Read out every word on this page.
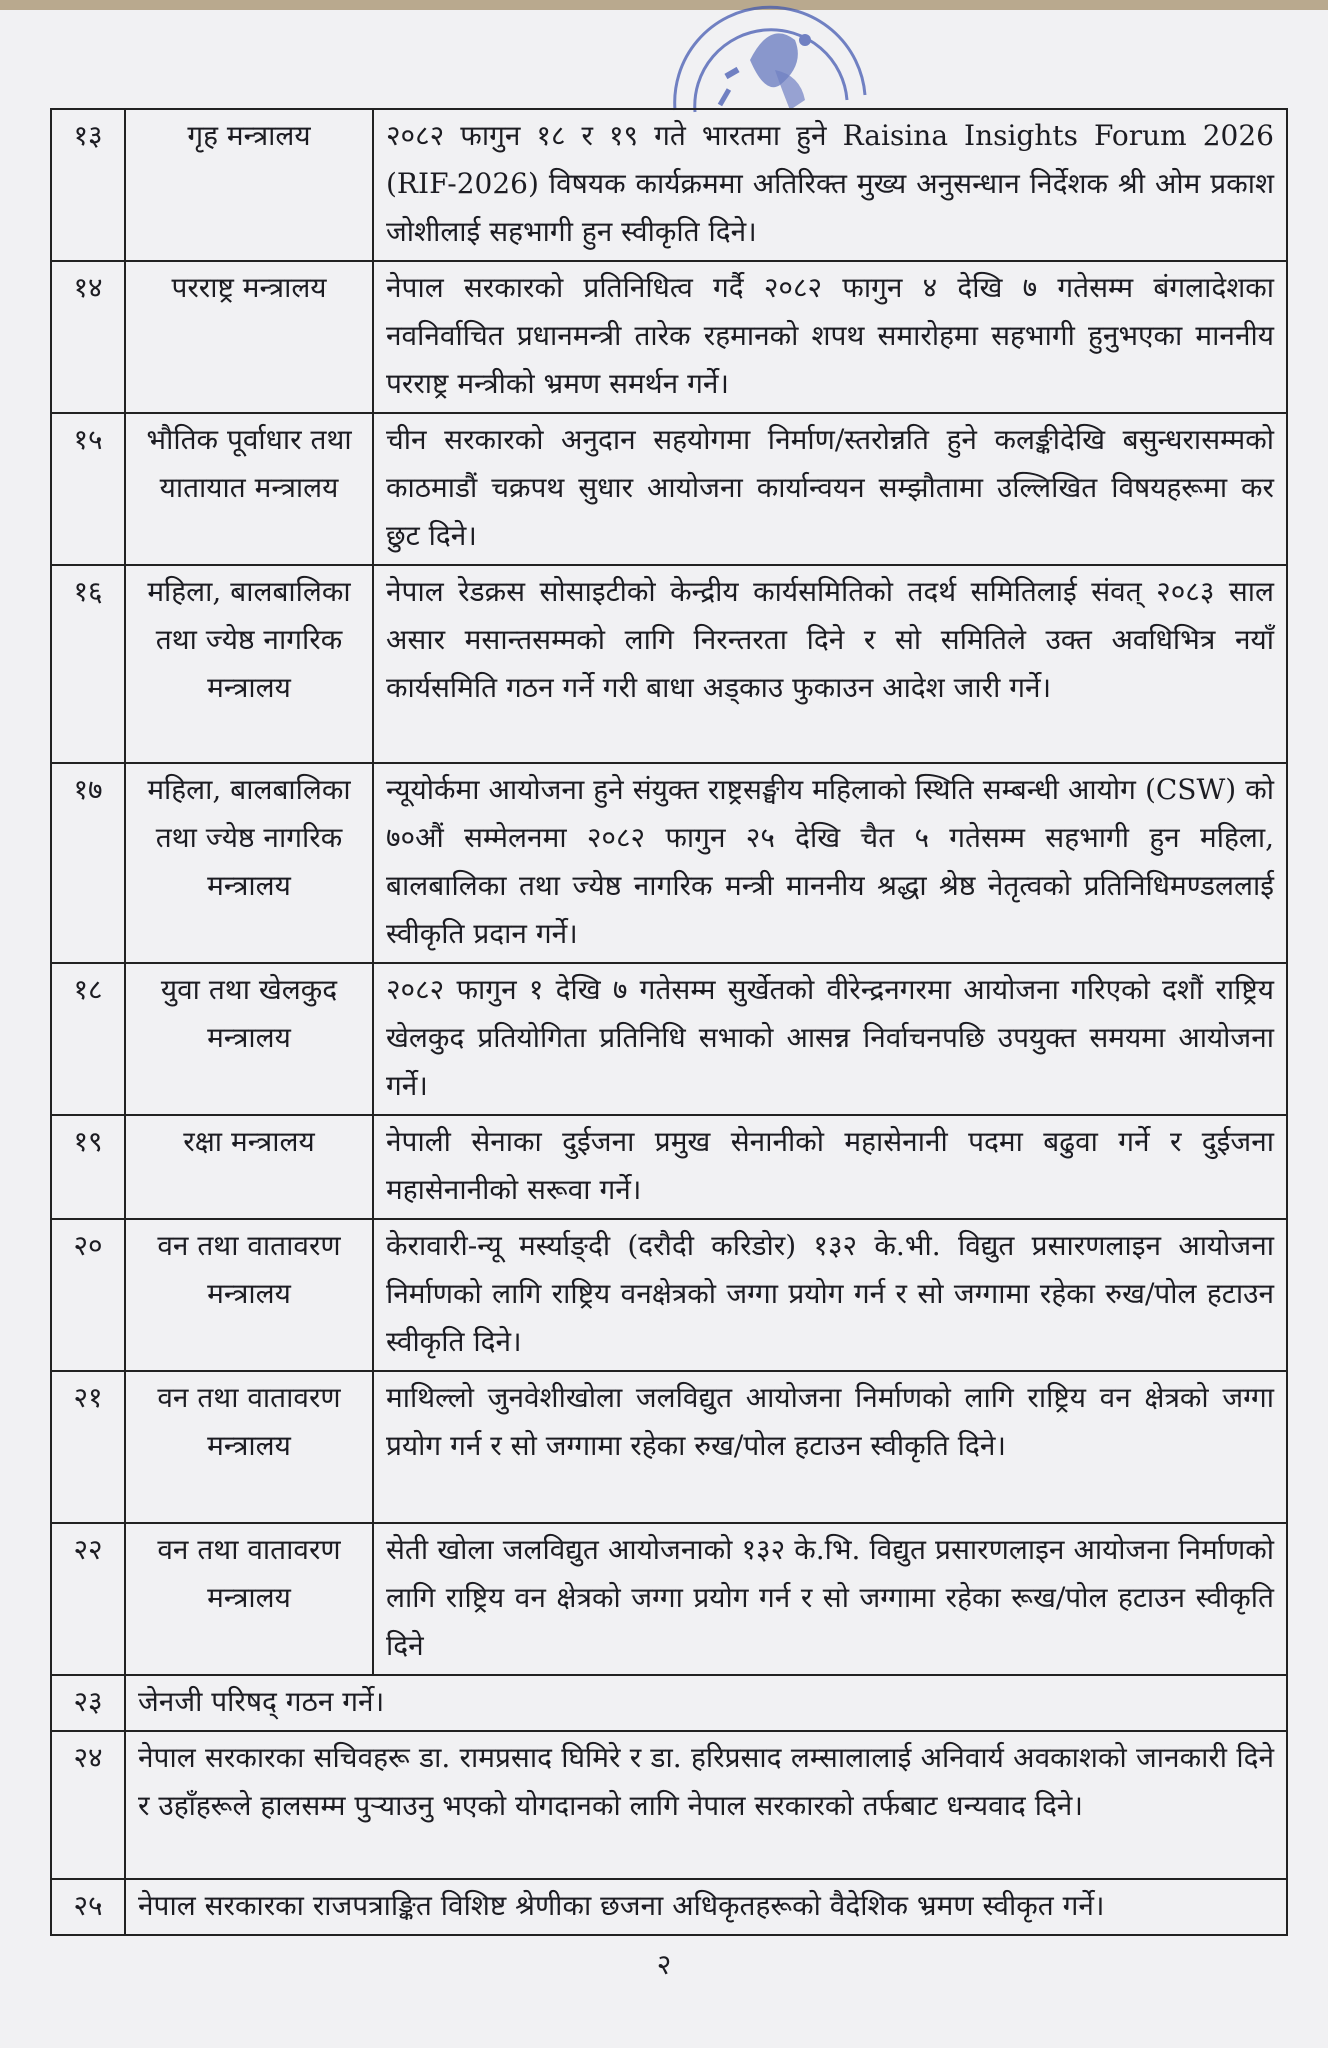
१३	गृह मन्त्रालय	२०८२ फागुन १८ र १९ गते भारतमा हुने Raisina Insights Forum 2026 (RIF-2026) विषयक कार्यक्रममा अतिरिक्त मुख्य अनुसन्धान निर्देशक श्री ओम प्रकाश जोशीलाई सहभागी हुन स्वीकृति दिने।
१४	परराष्ट्र मन्त्रालय	नेपाल सरकारको प्रतिनिधित्व गर्दै २०८२ फागुन ४ देखि ७ गतेसम्म बंगलादेशका नवनिर्वाचित प्रधानमन्त्री तारेक रहमानको शपथ समारोहमा सहभागी हुनुभएका माननीय परराष्ट्र मन्त्रीको भ्रमण समर्थन गर्ने।
१५	भौतिक पूर्वाधार तथा यातायात मन्त्रालय	चीन सरकारको अनुदान सहयोगमा निर्माण/स्तरोन्नति हुने कलङ्कीदेखि बसुन्धरासम्मको काठमाडौं चक्रपथ सुधार आयोजना कार्यान्वयन सम्झौतामा उल्लिखित विषयहरूमा कर छुट दिने।
१६	महिला, बालबालिका तथा ज्येष्ठ नागरिक मन्त्रालय	नेपाल रेडक्रस सोसाइटीको केन्द्रीय कार्यसमितिको तदर्थ समितिलाई संवत् २०८३ साल असार मसान्तसम्मको लागि निरन्तरता दिने र सो समितिले उक्त अवधिभित्र नयाँ कार्यसमिति गठन गर्ने गरी बाधा अड्काउ फुकाउन आदेश जारी गर्ने।
१७	महिला, बालबालिका तथा ज्येष्ठ नागरिक मन्त्रालय	न्यूयोर्कमा आयोजना हुने संयुक्त राष्ट्रसङ्घीय महिलाको स्थिति सम्बन्धी आयोग (CSW) को ७०औं सम्मेलनमा २०८२ फागुन २५ देखि चैत ५ गतेसम्म सहभागी हुन महिला, बालबालिका तथा ज्येष्ठ नागरिक मन्त्री माननीय श्रद्धा श्रेष्ठ नेतृत्वको प्रतिनिधिमण्डललाई स्वीकृति प्रदान गर्ने।
१८	युवा तथा खेलकुद मन्त्रालय	२०८२ फागुन १ देखि ७ गतेसम्म सुर्खेतको वीरेन्द्रनगरमा आयोजना गरिएको दशौं राष्ट्रिय खेलकुद प्रतियोगिता प्रतिनिधि सभाको आसन्न निर्वाचनपछि उपयुक्त समयमा आयोजना गर्ने।
१९	रक्षा मन्त्रालय	नेपाली सेनाका दुईजना प्रमुख सेनानीको महासेनानी पदमा बढुवा गर्ने र दुईजना महासेनानीको सरूवा गर्ने।
२०	वन तथा वातावरण मन्त्रालय	केरावारी-न्यू मर्स्याङ्दी (दरौदी करिडोर) १३२ के.भी. विद्युत प्रसारणलाइन आयोजना निर्माणको लागि राष्ट्रिय वनक्षेत्रको जग्गा प्रयोग गर्न र सो जग्गामा रहेका रुख/पोल हटाउन स्वीकृति दिने।
२१	वन तथा वातावरण मन्त्रालय	माथिल्लो जुनवेशीखोला जलविद्युत आयोजना निर्माणको लागि राष्ट्रिय वन क्षेत्रको जग्गा प्रयोग गर्न र सो जग्गामा रहेका रुख/पोल हटाउन स्वीकृति दिने।
२२	वन तथा वातावरण मन्त्रालय	सेती खोला जलविद्युत आयोजनाको १३२ के.भि. विद्युत प्रसारणलाइन आयोजना निर्माणको लागि राष्ट्रिय वन क्षेत्रको जग्गा प्रयोग गर्न र सो जग्गामा रहेका रूख/पोल हटाउन स्वीकृति दिने
२३	जेनजी परिषद् गठन गर्ने।	
२४	नेपाल सरकारका सचिवहरू डा. रामप्रसाद घिमिरे र डा. हरिप्रसाद लम्सालालाई अनिवार्य अवकाशको जानकारी दिने र उहाँहरूले हालसम्म पुऱ्याउनु भएको योगदानको लागि नेपाल सरकारको तर्फबाट धन्यवाद दिने।	
२५	नेपाल सरकारका राजपत्राङ्कित विशिष्ट श्रेणीका छजना अधिकृतहरूको वैदेशिक भ्रमण स्वीकृत गर्ने।	
२
